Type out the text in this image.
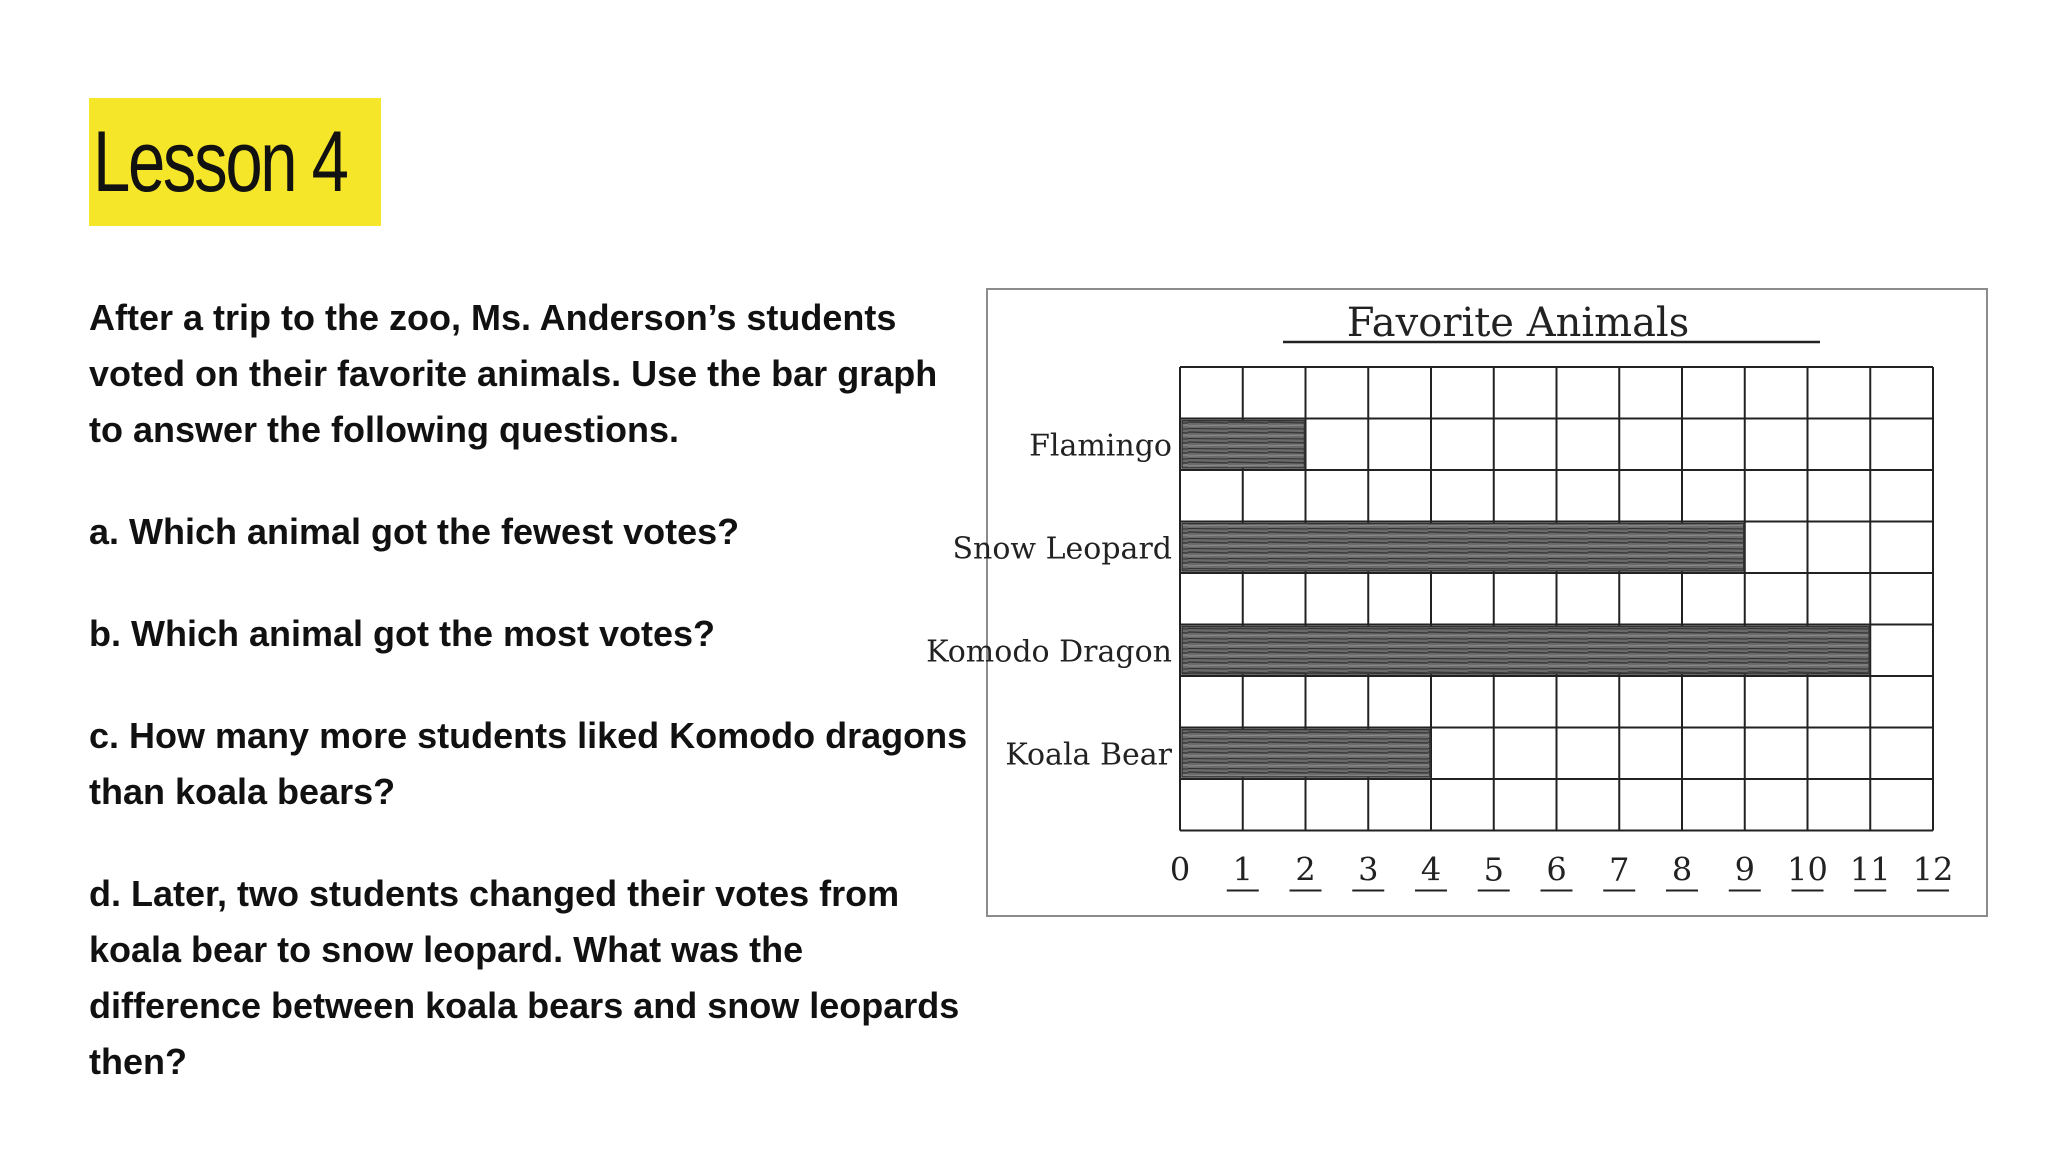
Lesson 4

After a trip to the zoo, Ms. Anderson’s students voted on their favorite animals. Use the bar graph to answer the following questions.

a. Which animal got the fewest votes?

b. Which animal got the most votes?

c. How many more students liked Komodo dragons than koala bears?

d. Later, two students changed their votes from koala bear to snow leopard. What was the difference between koala bears and snow leopards then?

Favorite Animals
Flamingo
Snow Leopard
Komodo Dragon
Koala Bear
0 1 2 3 4 5 6 7 8 9 10 11 12
